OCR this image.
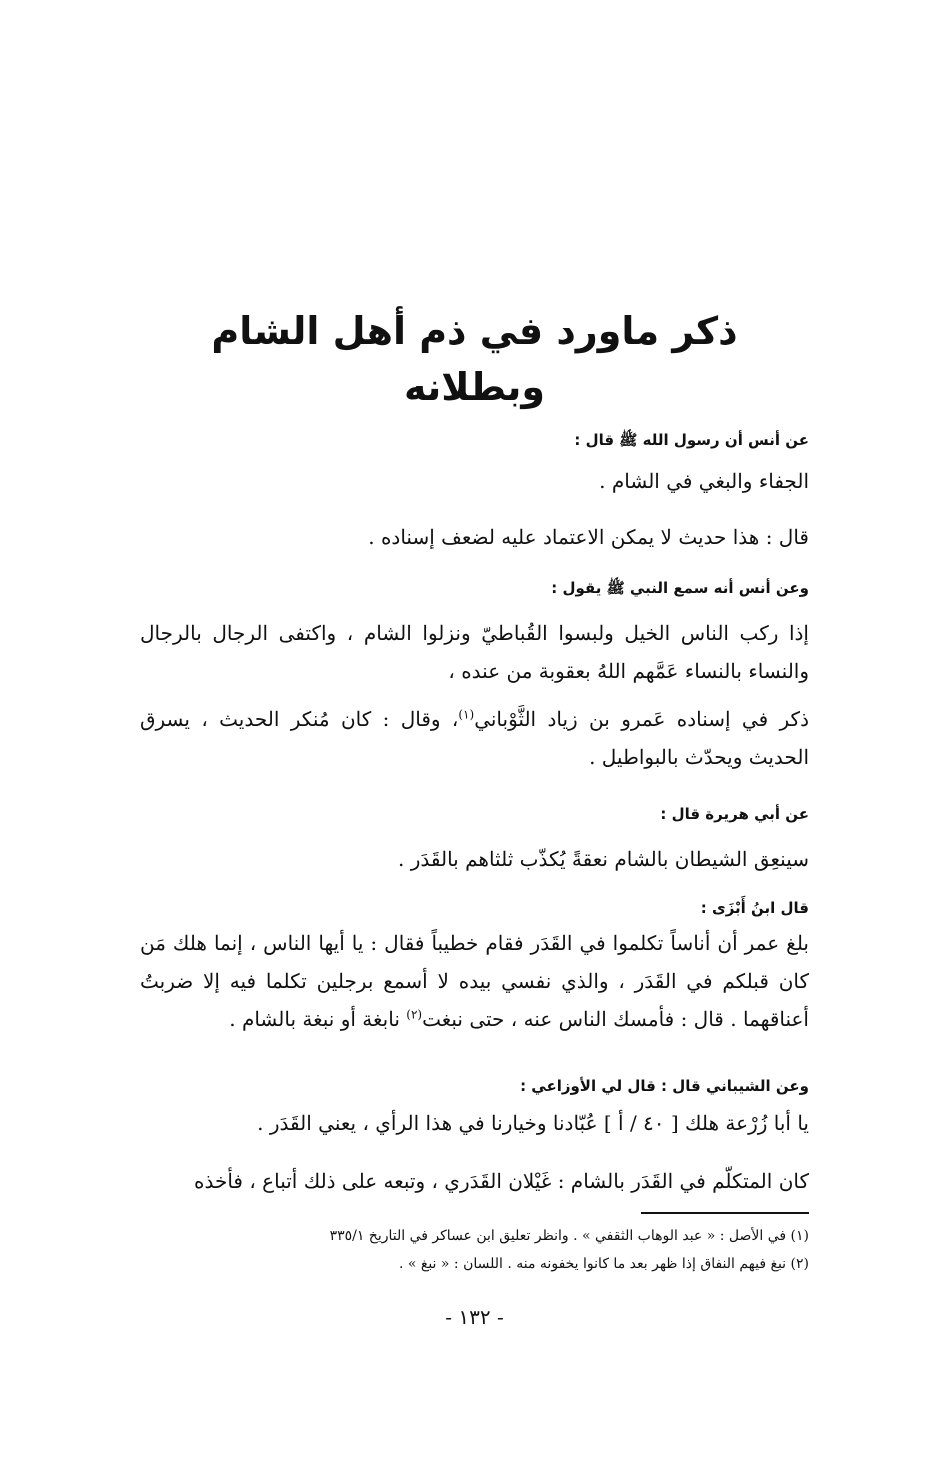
ذكر ماورد في ذم أهل الشام وبطلانه

عن أنس أن رسول الله ﷺ قال :

الجفاء والبغي في الشام .

قال : هذا حديث لا يمكن الاعتماد عليه لضعف إسناده .

وعن أنس أنه سمع النبي ﷺ يقول :

إذا ركب الناس الخيل ولبسوا القُباطيّ ونزلوا الشام ، واكتفى الرجال بالرجال والنساء بالنساء عَمَّهم اللهُ بعقوبة من عنده ،

ذكر في إسناده عَمرو بن زياد الثَّوْباني$^{(١)}$، وقال : كان مُنكر الحديث ، يسرق الحديث ويحدّث بالبواطيل .

عن أبي هريرة قال :

سينعِق الشيطان بالشام نعقةً يُكذّب ثلثاهم بالقَدَر .

قال ابنُ أَبْزَى :

بلغ عمر أن أناساً تكلموا في القَدَر فقام خطيباً فقال : يا أيها الناس ، إنما هلك مَن كان قبلكم في القَدَر ، والذي نفسي بيده لا أسمع برجلين تكلما فيه إلا ضربتُ أعناقهما . قال : فأمسك الناس عنه ، حتى نبغت$^{(٢)}$ نابغة أو نبغة بالشام .

وعن الشيباني قال : قال لي الأوزاعي :

يا أبا زُرْعة هلك [ ٤٠ / أ ] عُبّادنا وخيارنا في هذا الرأي ، يعني القَدَر .

كان المتكلّم في القَدَر بالشام : غَيْلان القَدَري ، وتبعه على ذلك أتباع ، فأخذه

(١) في الأصل : « عبد الوهاب الثقفي » . وانظر تعليق ابن عساكر في التاريخ ٣٣٥/١

(٢) نبغ فيهم النفاق إذا ظهر بعد ما كانوا يخفونه منه . اللسان : « نبغ » .

- ١٣٢ -
